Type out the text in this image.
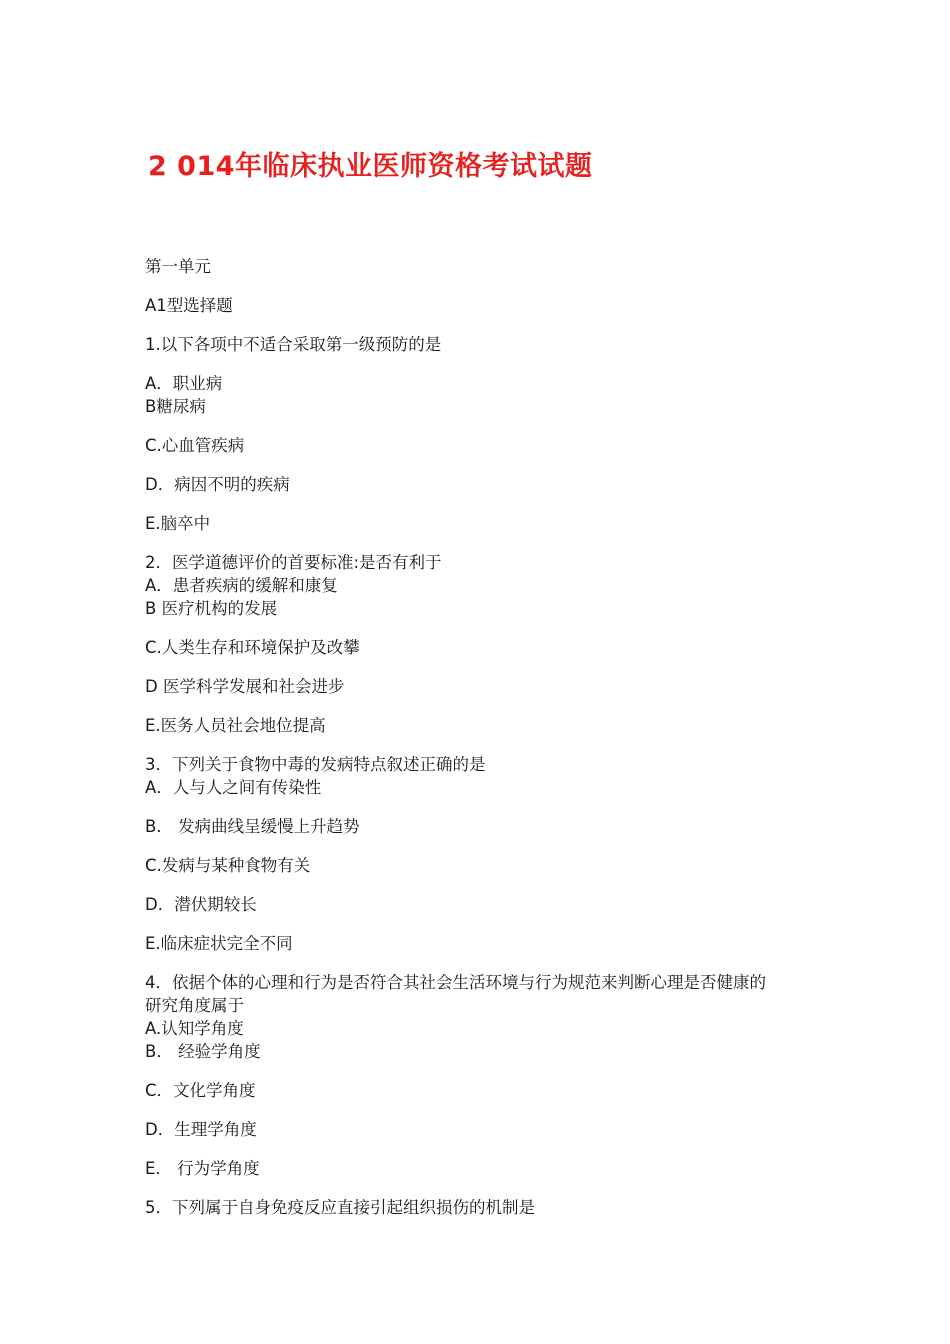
2 014年临床执业医师资格考试试题
第一单元
A1型选择题
1.以下各项中不适合采取第一级预防的是
A．职业病
B糖尿病
C.心血管疾病
D．病因不明的疾病
E.脑卒中
2．医学道德评价的首要标准:是否有利于
A．患者疾病的缓解和康复
B 医疗机构的发展
C.人类生存和环境保护及改攀
D 医学科学发展和社会进步
E.医务人员社会地位提高
3．下列关于食物中毒的发病特点叙述正确的是
A．人与人之间有传染性
B． 发病曲线呈缓慢上升趋势
C.发病与某种食物有关
D．潜伏期较长
E.临床症状完全不同
4．依据个体的心理和行为是否符合其社会生活环境与行为规范来判断心理是否健康的
研究角度属于
A.认知学角度
B． 经验学角度
C．文化学角度
D．生理学角度
E． 行为学角度
5．下列属于自身免疫反应直接引起组织损伤的机制是
